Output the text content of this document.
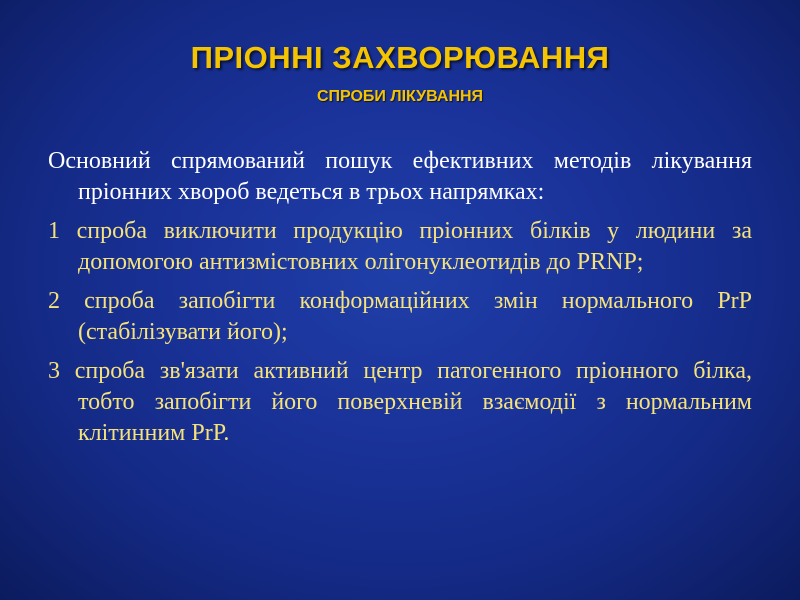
ПРІОННІ ЗАХВОРЮВАННЯ
СПРОБИ ЛІКУВАННЯ

Основний спрямований пошук ефективних методів лікування пріонних хвороб ведеться в трьох напрямках:

1 спроба виключити продукцію пріонних білків у людини за допомогою антизмістовних олігонуклеотидів до PRNP;

2 спроба запобігти конформаційних змін нормального PrP (стабілізувати його);

3 спроба зв'язати активний центр патогенного пріонного білка, тобто запобігти його поверхневій взаємодії з нормальним клітинним PrP.
